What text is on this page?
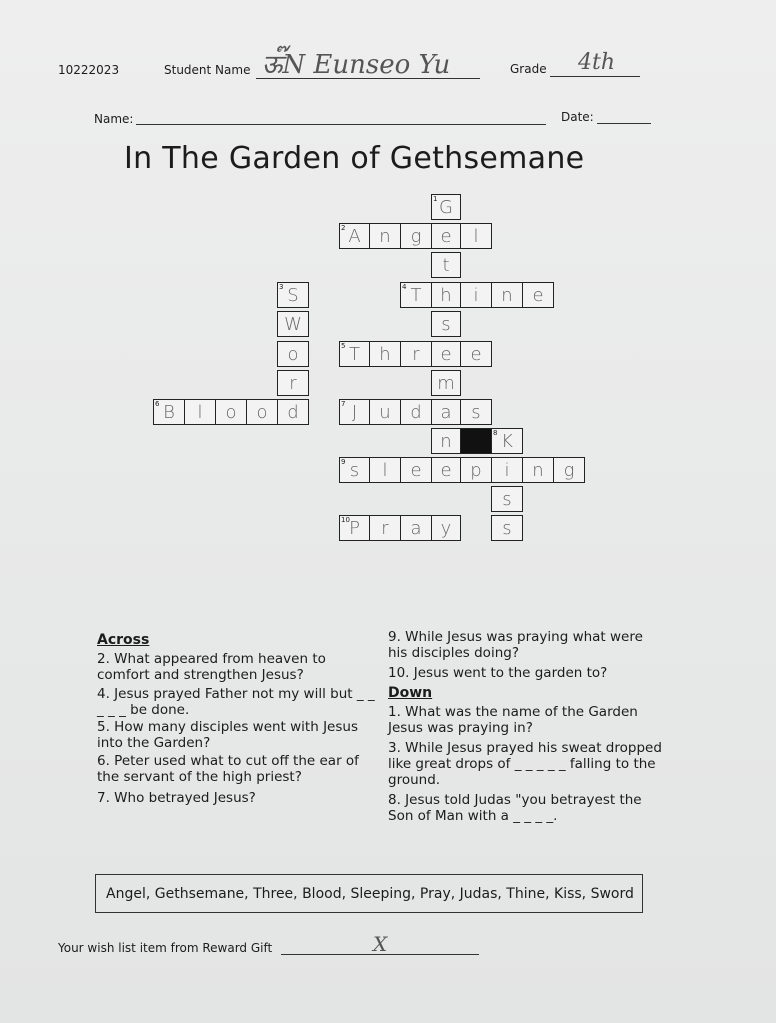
10222023	Student Name ऊ๊N Eunseo Yu	Grade 4th
Name:	Date:
In The Garden of Gethsemane
G
1
A	n	g	e	l
2
t
T	h	i	n	e
4
s
T	h	r	e	e
5
m
J	u	d	a	s
7
n	K
8
s	l	e	e	p	i	n	g
9
s
P	r	a	y
10	s
S
3
W
o
r
B	l	o	o	d
6
Across
2. What appeared from heaven to comfort and strengthen Jesus?
4. Jesus prayed Father not my will but _ _ _ _ _ be done.
5. How many disciples went with Jesus into the Garden?
6. Peter used what to cut off the ear of the servant of the high priest?
7. Who betrayed Jesus?
9. While Jesus was praying what were his disciples doing?
10. Jesus went to the garden to?
Down
1. What was the name of the Garden Jesus was praying in?
3. While Jesus prayed his sweat dropped like great drops of _ _ _ _ _ falling to the ground.
8. Jesus told Judas "you betrayest the Son of Man with a _ _ _ _.
Angel, Gethsemane, Three, Blood, Sleeping, Pray, Judas, Thine, Kiss, Sword
Your wish list item from Reward Gift	X
